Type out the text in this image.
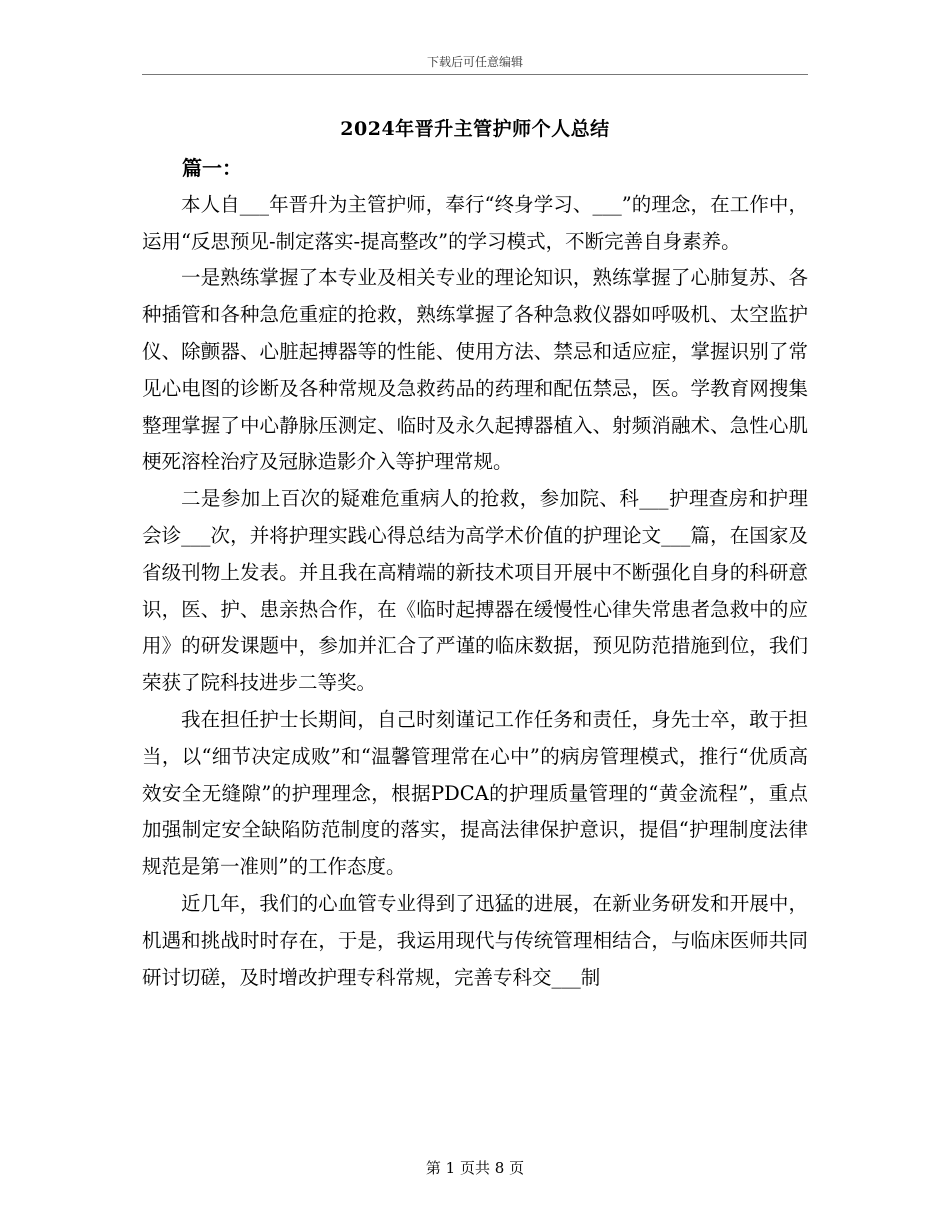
下载后可任意编辑
2024年晋升主管护师个人总结

篇一：

本人自___年晋升为主管护师，奉行“终身学习、___”的理念，在工作中，运用“反思预见-制定落实-提高整改”的学习模式，不断完善自身素养。

一是熟练掌握了本专业及相关专业的理论知识，熟练掌握了心肺复苏、各种插管和各种急危重症的抢救，熟练掌握了各种急救仪器如呼吸机、太空监护仪、除颤器、心脏起搏器等的性能、使用方法、禁忌和适应症，掌握识别了常见心电图的诊断及各种常规及急救药品的药理和配伍禁忌，医。学教育网搜集整理掌握了中心静脉压测定、临时及永久起搏器植入、射频消融术、急性心肌梗死溶栓治疗及冠脉造影介入等护理常规。

二是参加上百次的疑难危重病人的抢救，参加院、科___护理查房和护理会诊___次，并将护理实践心得总结为高学术价值的护理论文___篇，在国家及省级刊物上发表。并且我在高精端的新技术项目开展中不断强化自身的科研意识，医、护、患亲热合作，在《临时起搏器在缓慢性心律失常患者急救中的应用》的研发课题中，参加并汇合了严谨的临床数据，预见防范措施到位，我们荣获了院科技进步二等奖。

我在担任护士长期间，自己时刻谨记工作任务和责任，身先士卒，敢于担当，以“细节决定成败”和“温馨管理常在心中”的病房管理模式，推行“优质高效安全无缝隙”的护理理念，根据PDCA的护理质量管理的“黄金流程”，重点加强制定安全缺陷防范制度的落实，提高法律保护意识，提倡“护理制度法律规范是第一准则”的工作态度。

近几年，我们的心血管专业得到了迅猛的进展，在新业务研发和开展中，机遇和挑战时时存在，于是，我运用现代与传统管理相结合，与临床医师共同研讨切磋，及时增改护理专科常规，完善专科交___制

第 1 页共 8 页
